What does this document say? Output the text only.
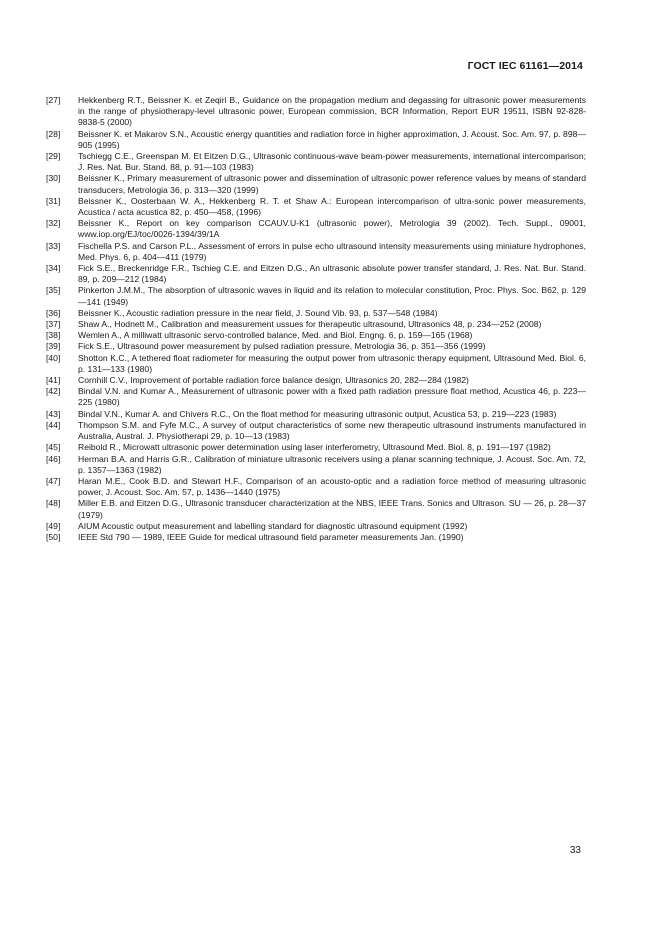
ГОСТ IEC 61161—2014
[27]	Hekkenberg R.T., Beissner K. et Zeqiri B., Guidance on the propagation medium and degassing for ultrasonic power measurements in the range of physiotherapy-level ultrasonic power, European commission, BCR Information, Report EUR 19511, ISBN 92-828-9838-5 (2000)
[28]	Beissner K. et Makarov S.N., Acoustic energy quantities and radiation force in higher approximation, J. Acoust. Soc. Am. 97, p. 898—905 (1995)
[29]	Tschiegg C.E., Greenspan M. Et Eitzen D.G., Ultrasonic continuous-wave beam-power measurements, international intercomparison; J. Res. Nat. Bur. Stand. 88, p. 91—103 (1983)
[30]	Beissner K., Primary measurement of ultrasonic power and dissemination of ultrasonic power reference values by means of standard transducers, Metrologia 36, p. 313—320 (1999)
[31]	Beissner K., Oosterbaan W. A., Hekkenberg R. T. et Shaw A.: European intercomparison of ultra-sonic power measurements, Acustica / acta acustica 82, p. 450—458, (1996)
[32]	Beissner K., Report on key comparison CCAUV.U-K1 (ultrasonic power), Metrologia 39 (2002). Tech. Suppl., 09001, www.iop.org/EJ/toc/0026-1394/39/1A
[33]	Fischella P.S. and Carson P.L., Assessment of errors in pulse echo ultrasound intensity measurements using miniature hydrophones, Med. Phys. 6, p. 404—411 (1979)
[34]	Fick S.E., Breckenridge F.R., Tschieg C.E. and Eitzen D.G., An ultrasonic absolute power transfer standard, J. Res. Nat. Bur. Stand. 89, p. 209—212 (1984)
[35]	Pinkerton J.M.M., The absorption of ultrasonic waves in liquid and its relation to molecular constitution, Proc. Phys. Soc. B62, p. 129—141 (1949)
[36]	Beissner K., Acoustic radiation pressure in the near field, J. Sound Vib. 93, p. 537—548 (1984)
[37]	Shaw A., Hodnett M., Calibration and measurement ussues for therapeutic ultrasound, Ultrasonics 48, p. 234—252 (2008)
[38]	Wemlen A., A milliwatt ultrasonic servo-controlled balance, Med. and Biol. Engng. 6, p. 159—165 (1968)
[39]	Fick S.E., Ultrasound power measurement by pulsed radiation pressure, Metrologia 36, p. 351—356 (1999)
[40]	Shotton K.C., A tethered float radiometer for measuring the output power from ultrasonic therapy equipment, Ultrasound Med. Biol. 6, p. 131—133 (1980)
[41]	Cornhill C.V., Improvement of portable radiation force balance design, Ultrasonics 20, 282—284 (1982)
[42]	Bindal V.N. and Kumar A., Measurement of ultrasonic power with a fixed path radiation pressure float method, Acustica 46, p. 223—225 (1980)
[43]	Bindal V.N., Kumar A. and Chivers R.C., On the float method for measuring ultrasonic output, Acustica 53, p. 219—223 (1983)
[44]	Thompson S.M. and Fyfe M.C., A survey of output characteristics of some new therapeutic ultrasound instruments manufactured in Australia, Austral. J. Physiotherapi 29, p. 10—13 (1983)
[45]	Reibold R., Microwatt ultrasonic power determination using laser interferometry, Ultrasound Med. Biol. 8, p. 191—197 (1982)
[46]	Herman B.A. and Harris G.R., Calibration of miniature ultrasonic receivers using a planar scanning technique, J. Acoust. Soc. Am. 72, p. 1357—1363 (1982)
[47]	Haran M.E., Cook B.D. and Stewart H.F., Comparison of an acousto-optic and a radiation force method of measuring ultrasonic power, J. Acoust. Soc. Am. 57, p. 1436—1440 (1975)
[48]	Miller E.B. and Eitzen D.G., Ultrasonic transducer characterization at the NBS, IEEE Trans. Sonics and Ultrason. SU — 26, p. 28—37 (1979)
[49]	AIUM Acoustic output measurement and labelling standard for diagnostic ultrasound equipment (1992)
[50]	IEEE Std 790 — 1989, IEEE Guide for medical ultrasound field parameter measurements Jan. (1990)
33
